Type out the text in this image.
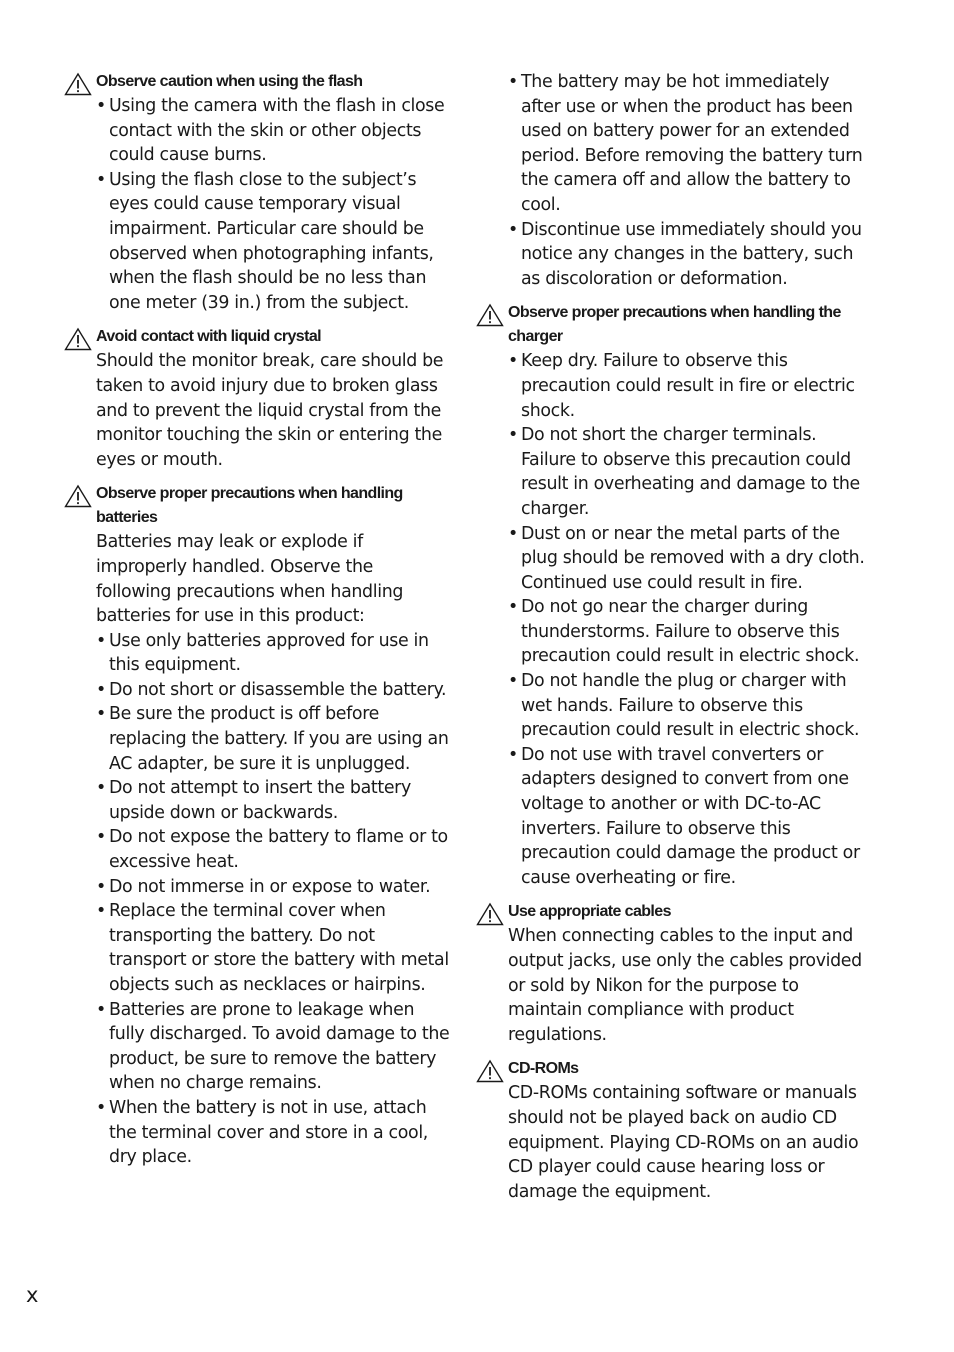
Observe caution when using the flash
• Using the camera with the flash in close contact with the skin or other objects could cause burns.
• Using the flash close to the subject’s eyes could cause temporary visual impairment. Particular care should be observed when photographing infants, when the flash should be no less than one meter (39 in.) from the subject.
Avoid contact with liquid crystal
Should the monitor break, care should be taken to avoid injury due to broken glass and to prevent the liquid crystal from the monitor touching the skin or entering the eyes or mouth.
Observe proper precautions when handling batteries
Batteries may leak or explode if improperly handled. Observe the following precautions when handling batteries for use in this product:
• Use only batteries approved for use in this equipment.
• Do not short or disassemble the battery.
• Be sure the product is off before replacing the battery. If you are using an AC adapter, be sure it is unplugged.
• Do not attempt to insert the battery upside down or backwards.
• Do not expose the battery to flame or to excessive heat.
• Do not immerse in or expose to water.
• Replace the terminal cover when transporting the battery. Do not transport or store the battery with metal objects such as necklaces or hairpins.
• Batteries are prone to leakage when fully discharged. To avoid damage to the product, be sure to remove the battery when no charge remains.
• When the battery is not in use, attach the terminal cover and store in a cool, dry place.
• The battery may be hot immediately after use or when the product has been used on battery power for an extended period. Before removing the battery turn the camera off and allow the battery to cool.
• Discontinue use immediately should you notice any changes in the battery, such as discoloration or deformation.
Observe proper precautions when handling the charger
• Keep dry. Failure to observe this precaution could result in fire or electric shock.
• Do not short the charger terminals. Failure to observe this precaution could result in overheating and damage to the charger.
• Dust on or near the metal parts of the plug should be removed with a dry cloth. Continued use could result in fire.
• Do not go near the charger during thunderstorms. Failure to observe this precaution could result in electric shock.
• Do not handle the plug or charger with wet hands. Failure to observe this precaution could result in electric shock.
• Do not use with travel converters or adapters designed to convert from one voltage to another or with DC-to-AC inverters. Failure to observe this precaution could damage the product or cause overheating or fire.
Use appropriate cables
When connecting cables to the input and output jacks, use only the cables provided or sold by Nikon for the purpose to maintain compliance with product regulations.
CD-ROMs
CD-ROMs containing software or manuals should not be played back on audio CD equipment. Playing CD-ROMs on an audio CD player could cause hearing loss or damage the equipment.
x
